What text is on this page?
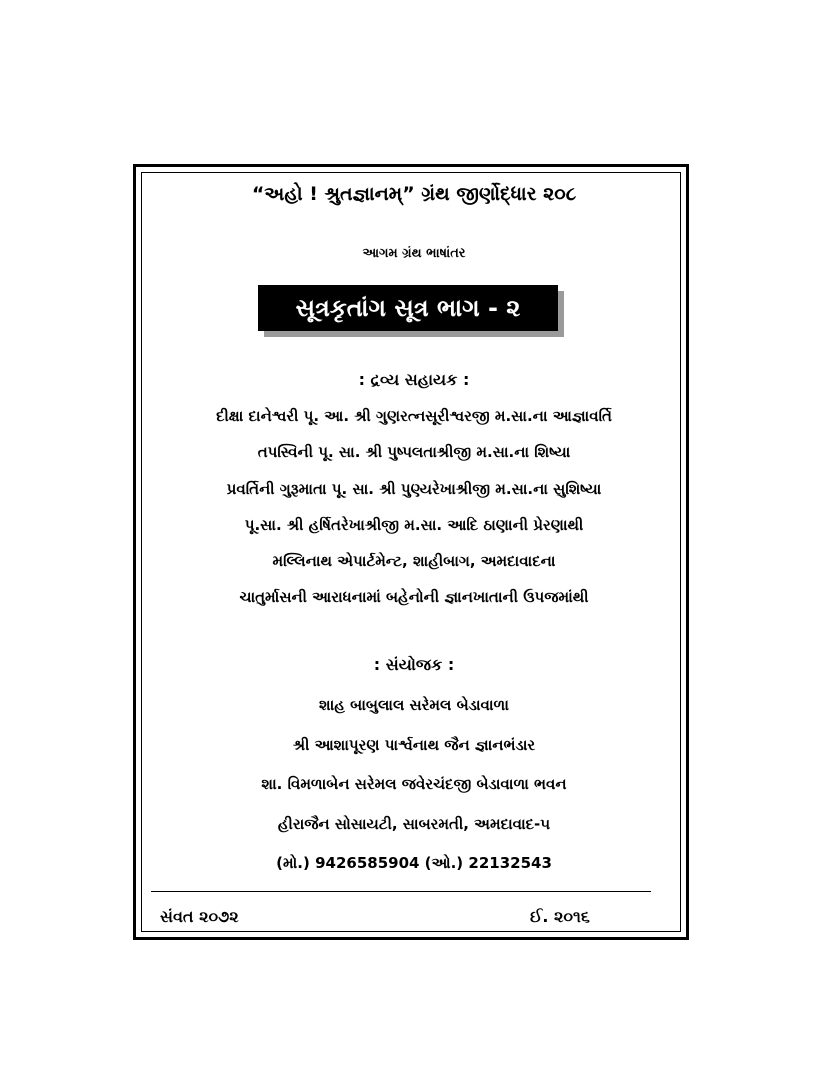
“અહો ! શ્રુતજ્ઞાનમ્” ગ્રંથ જીર્ણોદ્ધાર ૨૦૮
આગમ ગ્રંથ ભાષાંતર
સૂત્રકૃતાંગ સૂત્ર ભાગ - ૨
: દ્રવ્ય સહાયક :
દીક્ષા દાનેશ્વરી પૂ. આ. શ્રી ગુણરત્નસૂરીશ્વરજી મ.સા.ના આજ્ઞાવર્તિ
તપસ્વિની પૂ. સા. શ્રી પુષ્પલતાશ્રીજી મ.સા.ના શિષ્યા
પ્રવર્તિની ગુરૂમાતા પૂ. સા. શ્રી પુણ્યરેખાશ્રીજી મ.સા.ના સુશિષ્યા
પૂ.સા. શ્રી હર્ષિતરેખાશ્રીજી મ.સા. આદિ ઠાણાની પ્રેરણાથી
મલ્લિનાથ એપાર્ટમેન્ટ, શાહીબાગ, અમદાવાદના
ચાતુર્માસની આરાધનામાં બહેનોની જ્ઞાનખાતાની ઉપજમાંથી
: સંયોજક :
શાહ બાબુલાલ સરેમલ બેડાવાળા
શ્રી આશાપૂરણ પાર્શ્વનાથ જૈન જ્ઞાનભંડાર
શા. વિમળાબેન સરેમલ જવેરચંદજી બેડાવાળા ભવન
હીરાજૈન સોસાયટી, સાબરમતી, અમદાવાદ-૫
(મો.) 9426585904 (ઓ.) 22132543
સંવત ૨૦૭૨	ઈ. ૨૦૧૬
